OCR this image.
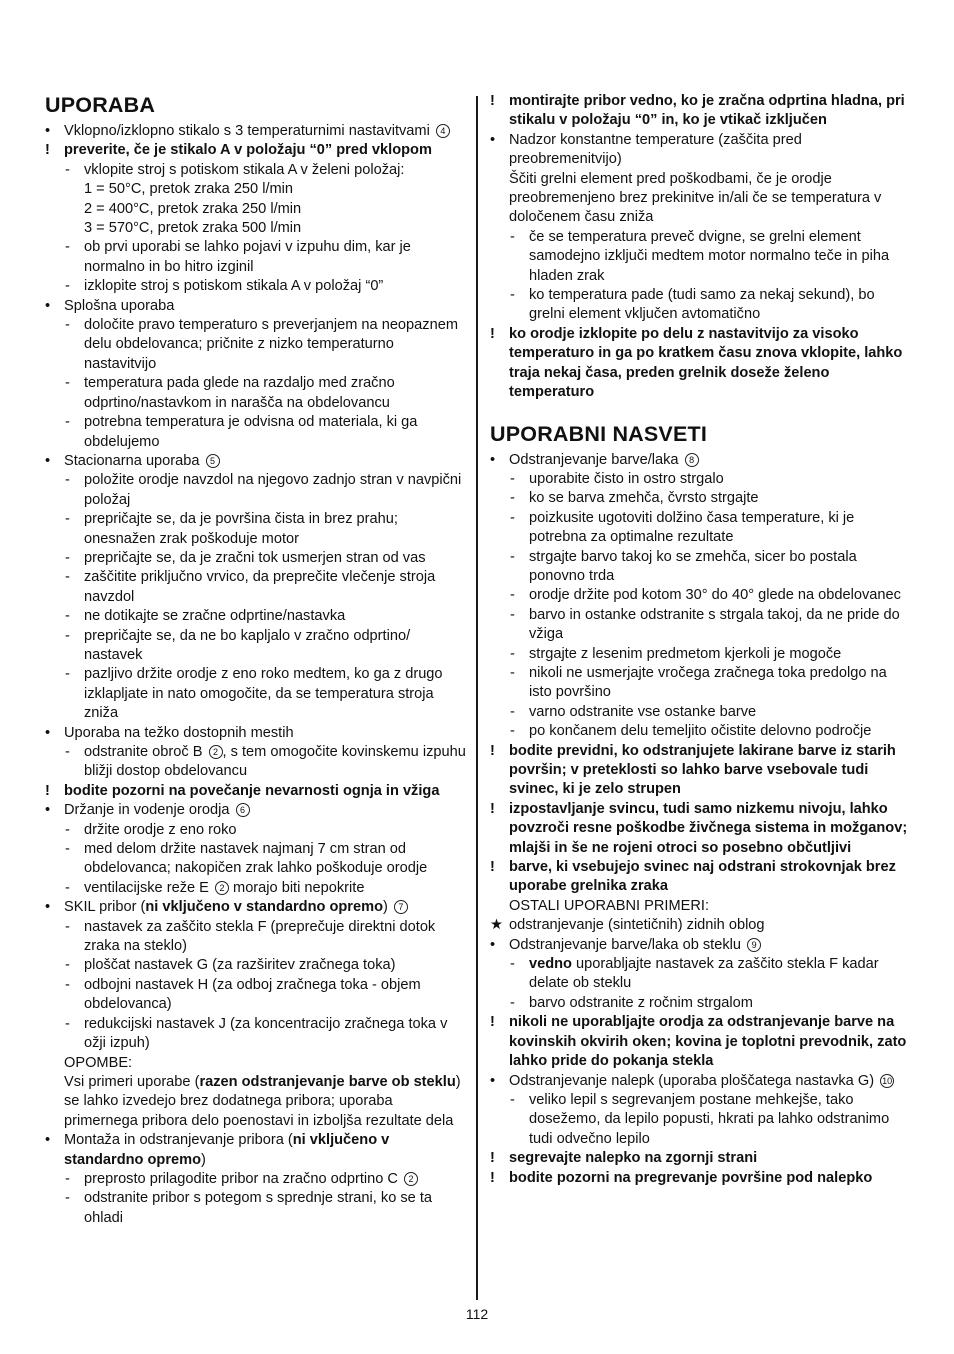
UPORABA
• Vklopno/izklopno stikalo s 3 temperaturnimi nastavitvami 4
! preverite, če je stikalo A v položaju “0” pred vklopom
- vklopite stroj s potiskom stikala A v želeni položaj:
1 = 50°C, pretok zraka 250 l/min
2 = 400°C, pretok zraka 250 l/min
3 = 570°C, pretok zraka 500 l/min
- ob prvi uporabi se lahko pojavi v izpuhu dim, kar je normalno in bo hitro izginil
- izklopite stroj s potiskom stikala A v položaj “0”
• Splošna uporaba
- določite pravo temperaturo s preverjanjem na neopaznem delu obdelovanca; pričnite z nizko temperaturno nastavitvijo
- temperatura pada glede na razdaljo med zračno odprtino/nastavkom in narašča na obdelovancu
- potrebna temperatura je odvisna od materiala, ki ga obdelujemo
• Stacionarna uporaba 5
- položite orodje navzdol na njegovo zadnjo stran v navpični položaj
- prepričajte se, da je površina čista in brez prahu; onesnažen zrak poškoduje motor
- prepričajte se, da je zračni tok usmerjen stran od vas
- zaščitite priključno vrvico, da preprečite vlečenje stroja navzdol
- ne dotikajte se zračne odprtine/nastavka
- prepričajte se, da ne bo kapljalo v zračno odprtino/ nastavek
- pazljivo držite orodje z eno roko medtem, ko ga z drugo izklapljate in nato omogočite, da se temperatura stroja zniža
• Uporaba na težko dostopnih mestih
- odstranite obroč B 2 , s tem omogočite kovinskemu izpuhu bližji dostop obdelovancu
! bodite pozorni na povečanje nevarnosti ognja in vžiga
• Držanje in vodenje orodja 6
- držite orodje z eno roko
- med delom držite nastavek najmanj 7 cm stran od obdelovanca; nakopičen zrak lahko poškoduje orodje
- ventilacijske reže E 2 morajo biti nepokrite
• SKIL pribor (ni vključeno v standardno opremo) 7
- nastavek za zaščito stekla F (preprečuje direktni dotok zraka na steklo)
- ploščat nastavek G (za razširitev zračnega toka)
- odbojni nastavek H (za odboj zračnega toka - objem obdelovanca)
- redukcijski nastavek J (za koncentracijo zračnega toka v ožji izpuh)
OPOMBE:
Vsi primeri uporabe (razen odstranjevanje barve ob steklu) se lahko izvedejo brez dodatnega pribora; uporaba primernega pribora delo poenostavi in izboljša rezultate dela
• Montaža in odstranjevanje pribora (ni vključeno v standardno opremo)
- preprosto prilagodite pribor na zračno odprtino C 2
- odstranite pribor s potegom s sprednje strani, ko se ta ohladi
! montirajte pribor vedno, ko je zračna odprtina hladna, pri stikalu v položaju “0” in, ko je vtikač izključen
• Nadzor konstantne temperature (zaščita pred preobremenitvijo)
Ščiti grelni element pred poškodbami, če je orodje preobremenjeno brez prekinitve in/ali če se temperatura v določenem času zniža
- če se temperatura preveč dvigne, se grelni element samodejno izključi medtem motor normalno teče in piha hladen zrak
- ko temperatura pade (tudi samo za nekaj sekund), bo grelni element vključen avtomatično
! ko orodje izklopite po delu z nastavitvijo za visoko temperaturo in ga po kratkem času znova vklopite, lahko traja nekaj časa, preden grelnik doseže želeno temperaturo
UPORABNI NASVETI
• Odstranjevanje barve/laka 8
- uporabite čisto in ostro strgalo
- ko se barva zmehča, čvrsto strgajte
- poizkusite ugotoviti dolžino časa temperature, ki je potrebna za optimalne rezultate
- strgajte barvo takoj ko se zmehča, sicer bo postala ponovno trda
- orodje držite pod kotom 30° do 40° glede na obdelovanec
- barvo in ostanke odstranite s strgala takoj, da ne pride do vžiga
- strgajte z lesenim predmetom kjerkoli je mogoče
- nikoli ne usmerjajte vročega zračnega toka predolgo na isto površino
- varno odstranite vse ostanke barve
- po končanem delu temeljito očistite delovno področje
! bodite previdni, ko odstranjujete lakirane barve iz starih površin; v preteklosti so lahko barve vsebovale tudi svinec, ki je zelo strupen
! izpostavljanje svincu, tudi samo nizkemu nivoju, lahko povzroči resne poškodbe živčnega sistema in možganov; mlajši in še ne rojeni otroci so posebno občutljivi
! barve, ki vsebujejo svinec naj odstrani strokovnjak brez uporabe grelnika zraka
OSTALI UPORABNI PRIMERI:
★ odstranjevanje (sintetičnih) zidnih oblog
• Odstranjevanje barve/laka ob steklu 9
- vedno uporabljajte nastavek za zaščito stekla F kadar delate ob steklu
- barvo odstranite z ročnim strgalom
! nikoli ne uporabljajte orodja za odstranjevanje barve na kovinskih okvirih oken; kovina je toplotni prevodnik, zato lahko pride do pokanja stekla
• Odstranjevanje nalepk (uporaba ploščatega nastavka G) 10
- veliko lepil s segrevanjem postane mehkejše, tako dosežemo, da lepilo popusti, hkrati pa lahko odstranimo tudi odvečno lepilo
! segrevajte nalepko na zgornji strani
! bodite pozorni na pregrevanje površine pod nalepko
112
